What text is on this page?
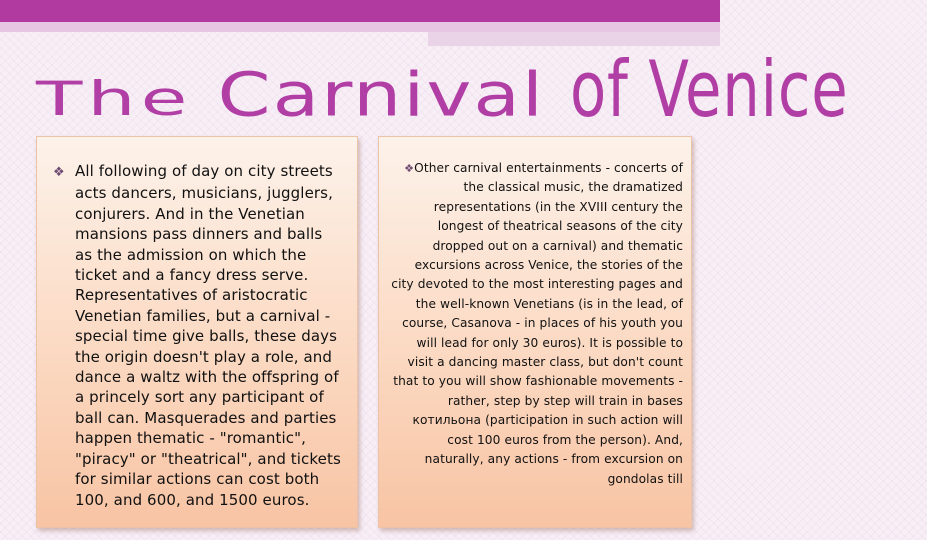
The Carnival of Venice

❖ All following of day on city streets acts dancers, musicians, jugglers, conjurers. And in the Venetian mansions pass dinners and balls as the admission on which the ticket and a fancy dress serve. Representatives of aristocratic Venetian families, but a carnival - special time give balls, these days the origin doesn't play a role, and dance a waltz with the offspring of a princely sort any participant of ball can. Masquerades and parties happen thematic - "romantic", "piracy" or "theatrical", and tickets for similar actions can cost both 100, and 600, and 1500 euros.

❖Other carnival entertainments - concerts of the classical music, the dramatized representations (in the XVIII century the longest of theatrical seasons of the city dropped out on a carnival) and thematic excursions across Venice, the stories of the city devoted to the most interesting pages and the well-known Venetians (is in the lead, of course, Casanova - in places of his youth you will lead for only 30 euros). It is possible to visit a dancing master class, but don't count that to you will show fashionable movements - rather, step by step will train in bases котильона (participation in such action will cost 100 euros from the person). And, naturally, any actions - from excursion on gondolas till
